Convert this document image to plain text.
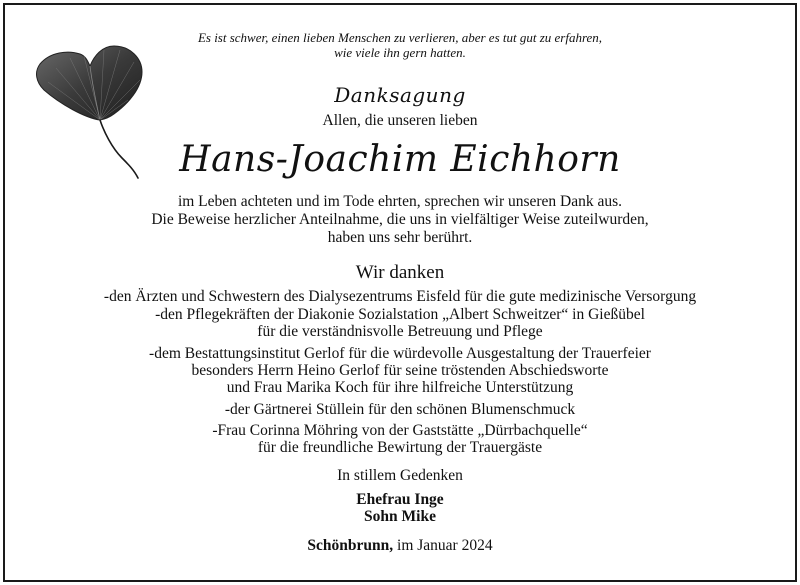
Es ist schwer, einen lieben Menschen zu verlieren, aber es tut gut zu erfahren,
wie viele ihn gern hatten.
Danksagung
Allen, die unseren lieben
Hans-Joachim Eichhorn
im Leben achteten und im Tode ehrten, sprechen wir unseren Dank aus.
Die Beweise herzlicher Anteilnahme, die uns in vielfältiger Weise zuteilwurden,
haben uns sehr berührt.
Wir danken
-den Ärzten und Schwestern des Dialysezentrums Eisfeld für die gute medizinische Versorgung
-den Pflegekräften der Diakonie Sozialstation „Albert Schweitzer“ in Gießübel
für die verständnisvolle Betreuung und Pflege
-dem Bestattungsinstitut Gerlof für die würdevolle Ausgestaltung der Trauerfeier
besonders Herrn Heino Gerlof für seine tröstenden Abschiedsworte
und Frau Marika Koch für ihre hilfreiche Unterstützung
-der Gärtnerei Stüllein für den schönen Blumenschmuck
-Frau Corinna Möhring von der Gaststätte „Dürrbachquelle“
für die freundliche Bewirtung der Trauergäste
In stillem Gedenken
Ehefrau Inge
Sohn Mike
Schönbrunn, im Januar 2024
